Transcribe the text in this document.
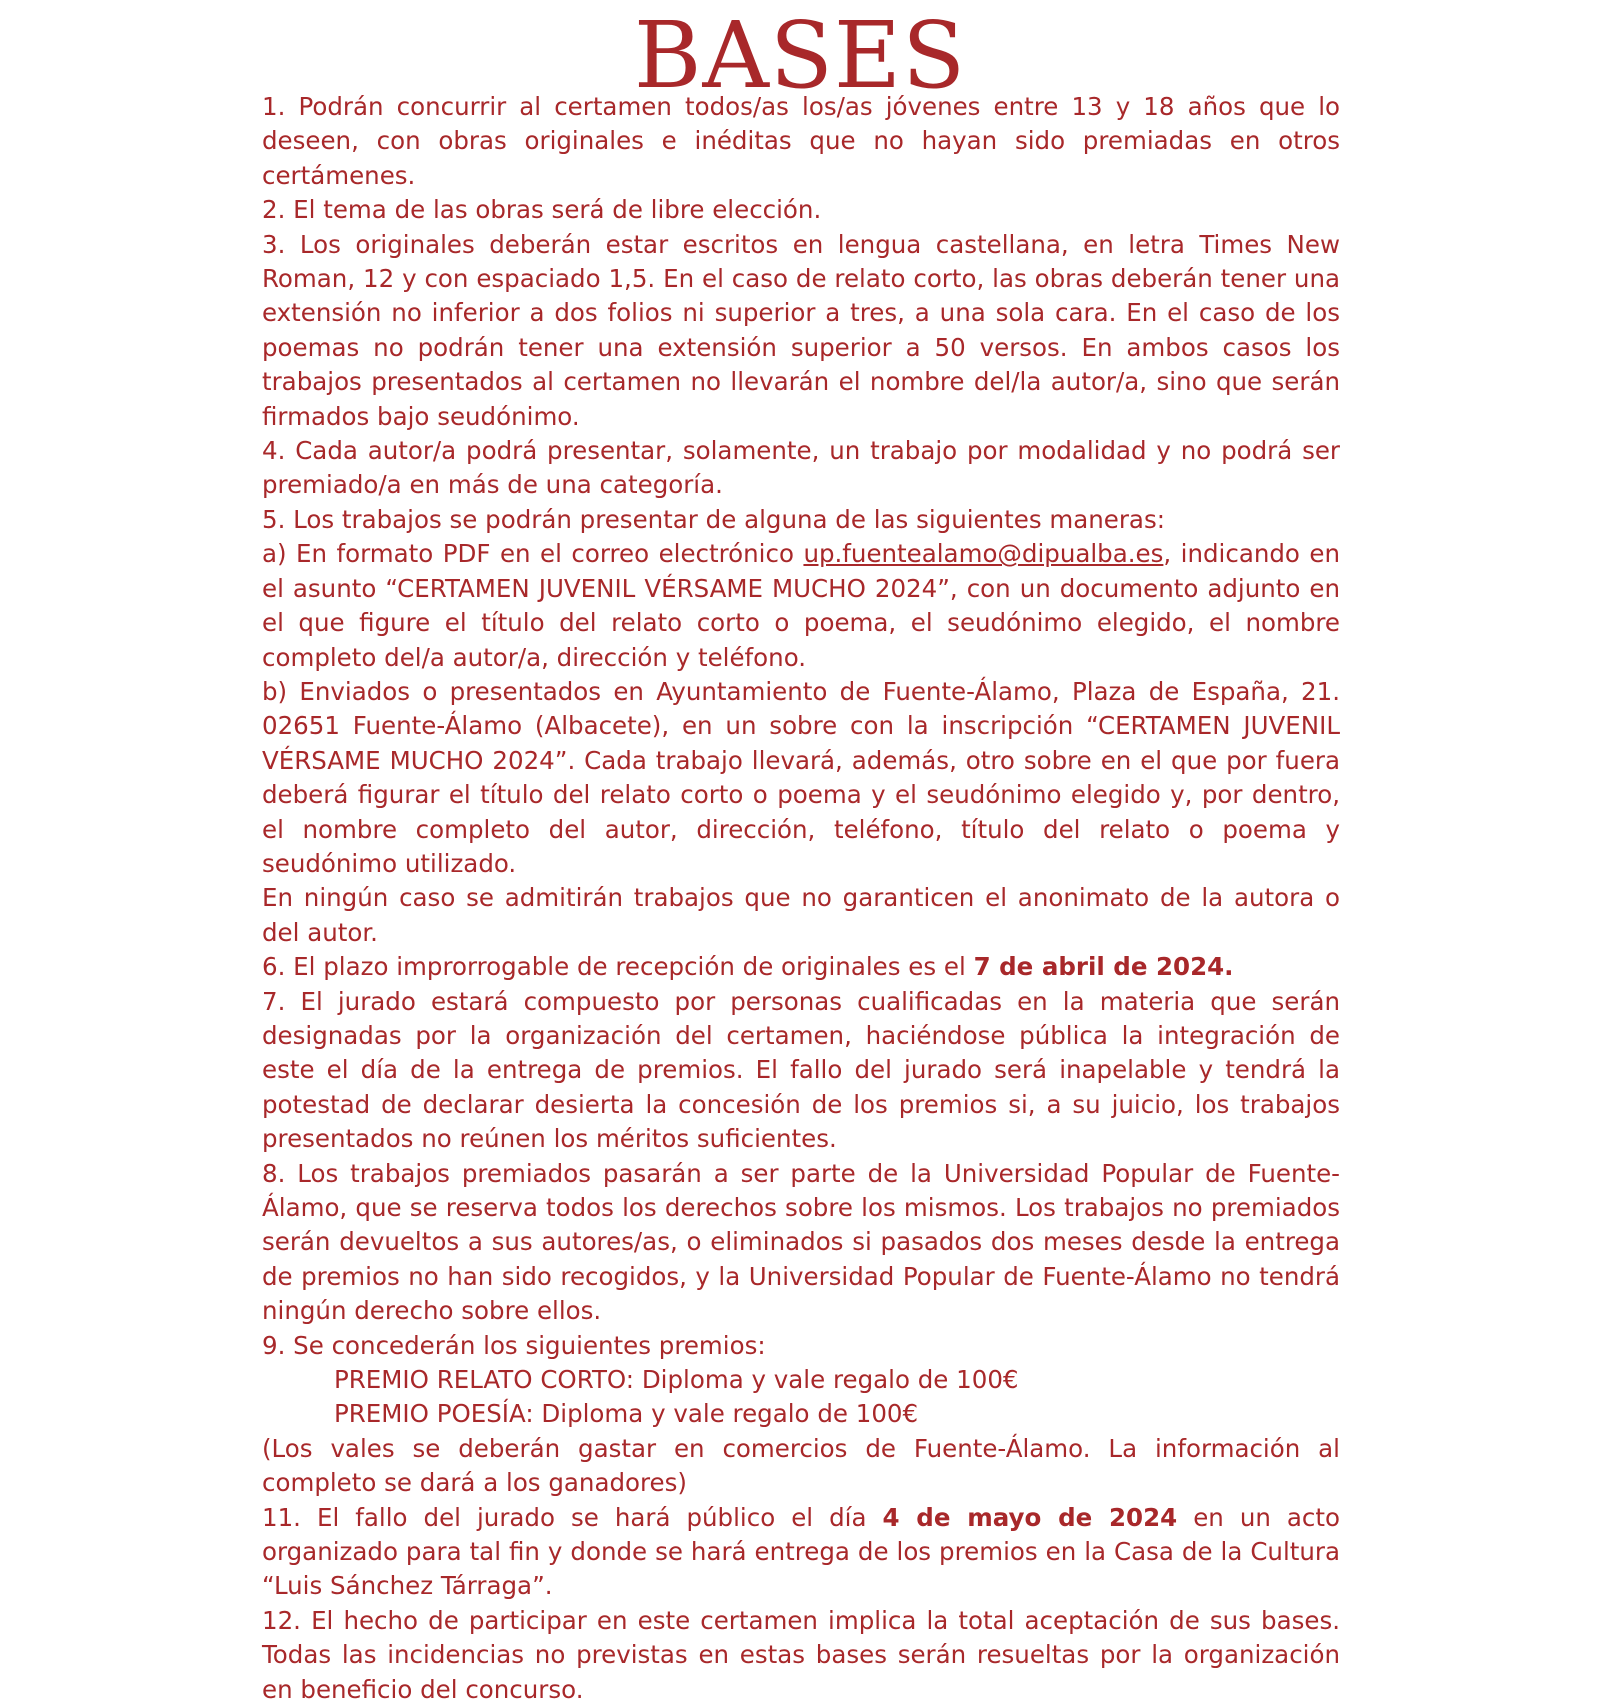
BASES

1. Podrán concurrir al certamen todos/as los/as jóvenes entre 13 y 18 años que lo deseen, con obras originales e inéditas que no hayan sido premiadas en otros certámenes.

2. El tema de las obras será de libre elección.

3. Los originales deberán estar escritos en lengua castellana, en letra Times New Roman, 12 y con espaciado 1,5. En el caso de relato corto, las obras deberán tener una extensión no inferior a dos folios ni superior a tres, a una sola cara. En el caso de los poemas no podrán tener una extensión superior a 50 versos. En ambos casos los trabajos presentados al certamen no llevarán el nombre del/la autor/a, sino que serán firmados bajo seudónimo.

4. Cada autor/a podrá presentar, solamente, un trabajo por modalidad y no podrá ser premiado/a en más de una categoría.

5. Los trabajos se podrán presentar de alguna de las siguientes maneras:

a) En formato PDF en el correo electrónico up.fuentealamo@dipualba.es, indicando en el asunto “CERTAMEN JUVENIL VÉRSAME MUCHO 2024”, con un documento adjunto en el que figure el título del relato corto o poema, el seudónimo elegido, el nombre completo del/a autor/a, dirección y teléfono.

b) Enviados o presentados en Ayuntamiento de Fuente-Álamo, Plaza de España, 21. 02651 Fuente-Álamo (Albacete), en un sobre con la inscripción “CERTAMEN JUVENIL VÉRSAME MUCHO 2024”. Cada trabajo llevará, además, otro sobre en el que por fuera deberá figurar el título del relato corto o poema y el seudónimo elegido y, por dentro, el nombre completo del autor, dirección, teléfono, título del relato o poema y seudónimo utilizado.

En ningún caso se admitirán trabajos que no garanticen el anonimato de la autora o del autor.

6. El plazo improrrogable de recepción de originales es el 7 de abril de 2024.

7. El jurado estará compuesto por personas cualificadas en la materia que serán designadas por la organización del certamen, haciéndose pública la integración de este el día de la entrega de premios. El fallo del jurado será inapelable y tendrá la potestad de declarar desierta la concesión de los premios si, a su juicio, los trabajos presentados no reúnen los méritos suficientes.

8. Los trabajos premiados pasarán a ser parte de la Universidad Popular de Fuente-Álamo, que se reserva todos los derechos sobre los mismos. Los trabajos no premiados serán devueltos a sus autores/as, o eliminados si pasados dos meses desde la entrega de premios no han sido recogidos, y la Universidad Popular de Fuente-Álamo no tendrá ningún derecho sobre ellos.

9. Se concederán los siguientes premios:

PREMIO RELATO CORTO: Diploma y vale regalo de 100€

PREMIO POESÍA: Diploma y vale regalo de 100€

(Los vales se deberán gastar en comercios de Fuente-Álamo. La información al completo se dará a los ganadores)

11. El fallo del jurado se hará público el día 4 de mayo de 2024 en un acto organizado para tal fin y donde se hará entrega de los premios en la Casa de la Cultura “Luis Sánchez Tárraga”.

12. El hecho de participar en este certamen implica la total aceptación de sus bases. Todas las incidencias no previstas en estas bases serán resueltas por la organización en beneficio del concurso.
